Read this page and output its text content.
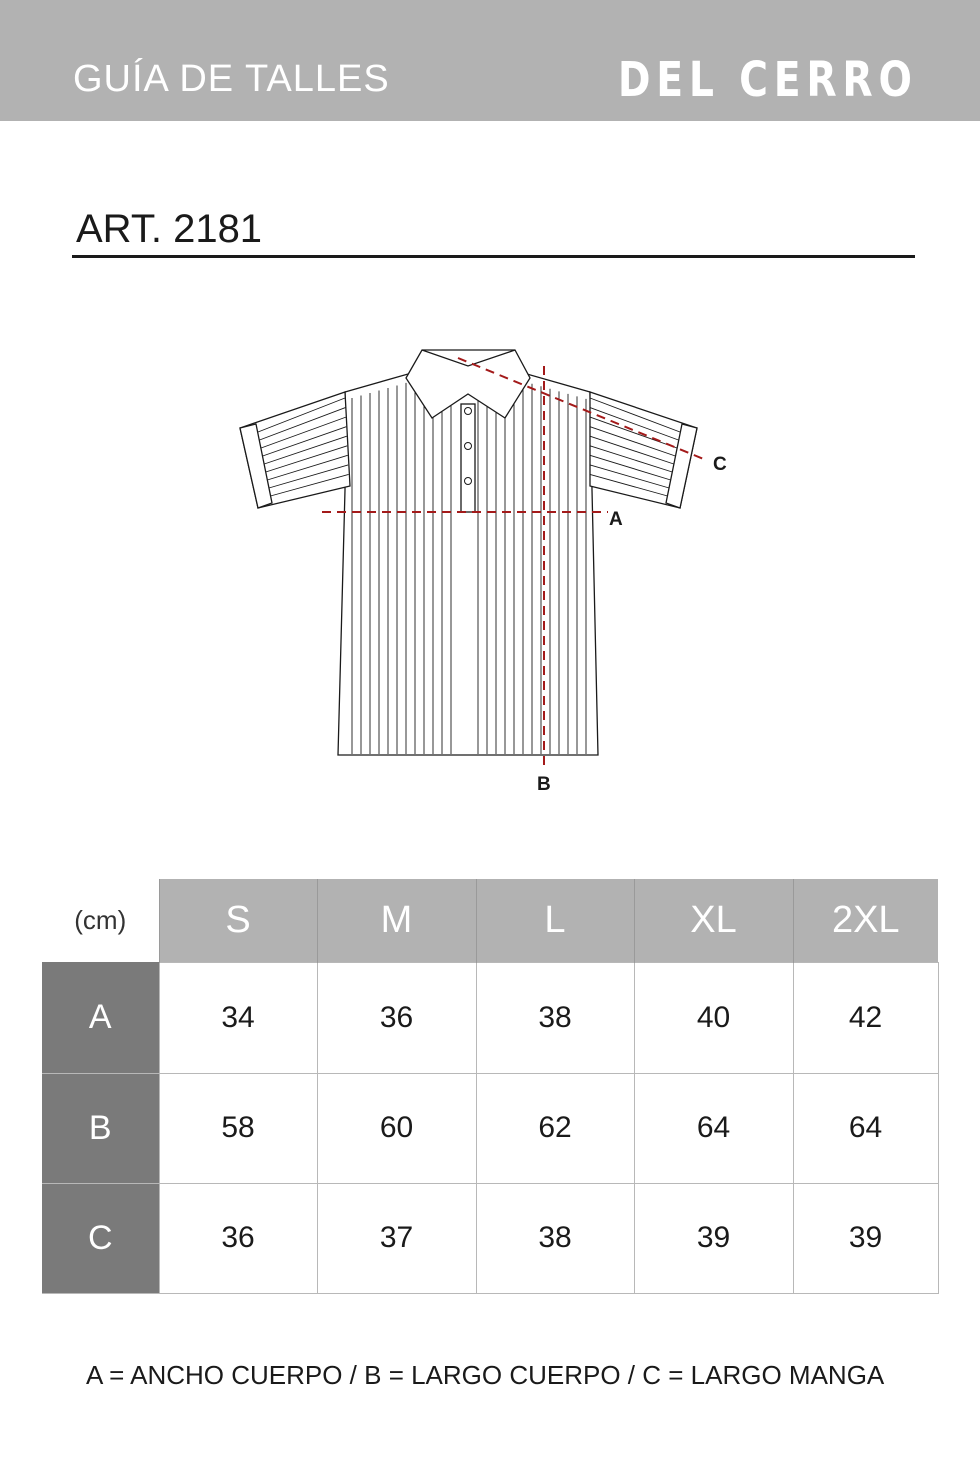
GUÍA DE TALLES	DEL CERRO
ART. 2181
A
B
C
(cm)	S	M	L	XL	2XL
A	34	36	38	40	42
B	58	60	62	64	64
C	36	37	38	39	39
A = ANCHO CUERPO / B = LARGO CUERPO / C = LARGO MANGA
